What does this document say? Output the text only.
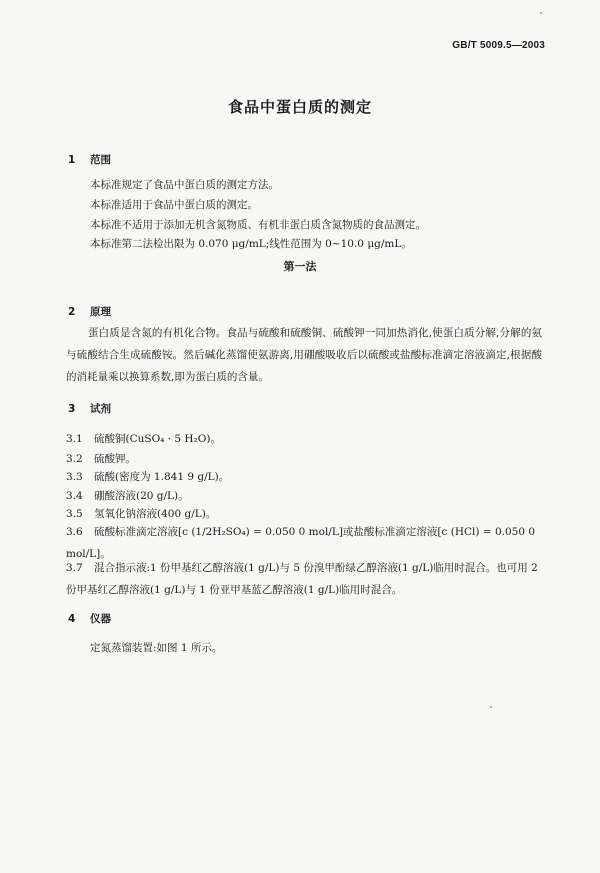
GB/T 5009.5—2003
食品中蛋白质的测定
1 范围
本标准规定了食品中蛋白质的测定方法。
本标准适用于食品中蛋白质的测定。
本标准不适用于添加无机含氮物质、有机非蛋白质含氮物质的食品测定。
本标准第二法检出限为 0.070 μg/mL;线性范围为 0~10.0 μg/mL。
第一法
2 原理
蛋白质是含氮的有机化合物。食品与硫酸和硫酸铜、硫酸钾一同加热消化,使蛋白质分解,分解的氨与硫酸结合生成硫酸铵。然后碱化蒸馏使氨游离,用硼酸吸收后以硫酸或盐酸标准滴定溶液滴定,根据酸的消耗量乘以换算系数,即为蛋白质的含量。
3 试剂
3.1 硫酸铜(CuSO₄ · 5 H₂O)。
3.2 硫酸钾。
3.3 硫酸(密度为 1.841 9 g/L)。
3.4 硼酸溶液(20 g/L)。
3.5 氢氧化钠溶液(400 g/L)。
3.6 硫酸标准滴定溶液[c (1/2H₂SO₄) = 0.050 0 mol/L]或盐酸标准滴定溶液[c (HCl) = 0.050 0 mol/L]。
3.7 混合指示液:1 份甲基红乙醇溶液(1 g/L)与 5 份溴甲酚绿乙醇溶液(1 g/L)临用时混合。也可用 2 份甲基红乙醇溶液(1 g/L)与 1 份亚甲基蓝乙醇溶液(1 g/L)临用时混合。
4 仪器
定氮蒸馏装置:如图 1 所示。
